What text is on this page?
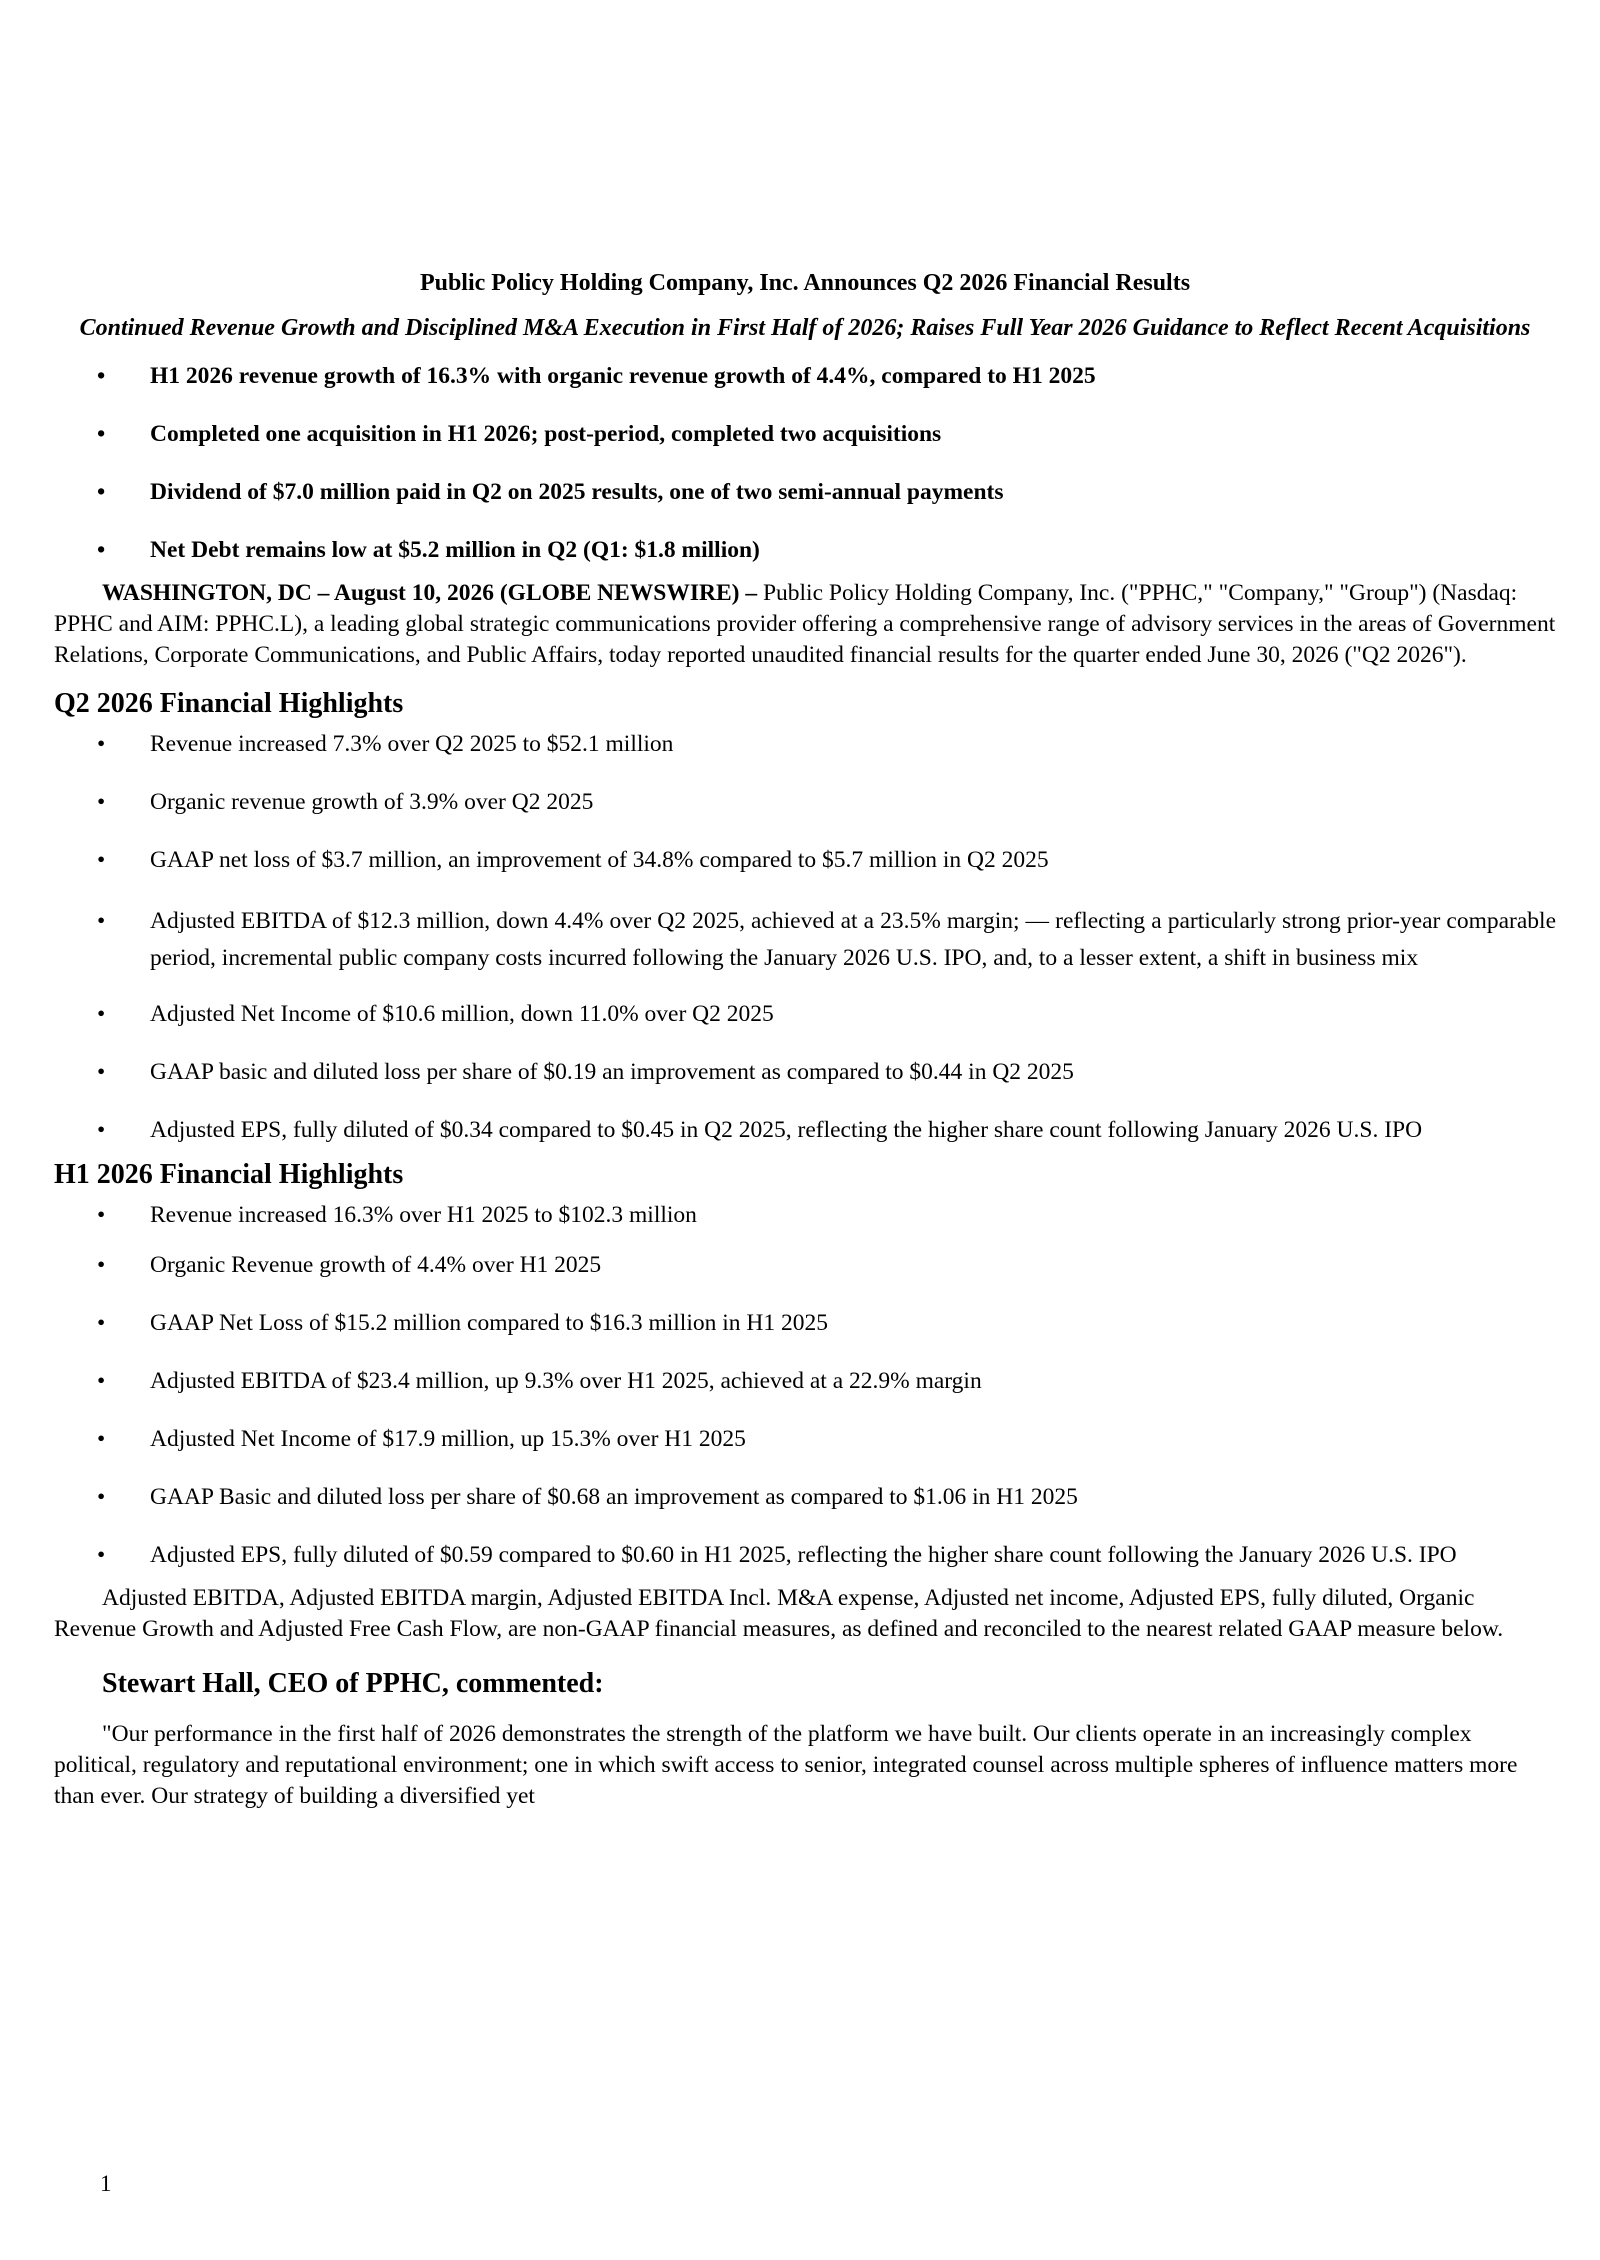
Public Policy Holding Company, Inc. Announces Q2 2026 Financial Results
Continued Revenue Growth and Disciplined M&A Execution in First Half of 2026; Raises Full Year 2026 Guidance to Reflect Recent Acquisitions
• H1 2026 revenue growth of 16.3% with organic revenue growth of 4.4%, compared to H1 2025
• Completed one acquisition in H1 2026; post-period, completed two acquisitions
• Dividend of $7.0 million paid in Q2 on 2025 results, one of two semi-annual payments
• Net Debt remains low at $5.2 million in Q2 (Q1: $1.8 million)

WASHINGTON, DC – August 10, 2026 (GLOBE NEWSWIRE) – Public Policy Holding Company, Inc. ("PPHC," "Company," "Group") (Nasdaq: PPHC and AIM: PPHC.L), a leading global strategic communications provider offering a comprehensive range of advisory services in the areas of Government Relations, Corporate Communications, and Public Affairs, today reported unaudited financial results for the quarter ended June 30, 2026 ("Q2 2026").

Q2 2026 Financial Highlights
• Revenue increased 7.3% over Q2 2025 to $52.1 million
• Organic revenue growth of 3.9% over Q2 2025
• GAAP net loss of $3.7 million, an improvement of 34.8% compared to $5.7 million in Q2 2025
• Adjusted EBITDA of $12.3 million, down 4.4% over Q2 2025, achieved at a 23.5% margin; — reflecting a particularly strong prior-year comparable period, incremental public company costs incurred following the January 2026 U.S. IPO, and, to a lesser extent, a shift in business mix
• Adjusted Net Income of $10.6 million, down 11.0% over Q2 2025
• GAAP basic and diluted loss per share of $0.19 an improvement as compared to $0.44 in Q2 2025
• Adjusted EPS, fully diluted of $0.34 compared to $0.45 in Q2 2025, reflecting the higher share count following January 2026 U.S. IPO
H1 2026 Financial Highlights
• Revenue increased 16.3% over H1 2025 to $102.3 million
• Organic Revenue growth of 4.4% over H1 2025
• GAAP Net Loss of $15.2 million compared to $16.3 million in H1 2025
• Adjusted EBITDA of $23.4 million, up 9.3% over H1 2025, achieved at a 22.9% margin
• Adjusted Net Income of $17.9 million, up 15.3% over H1 2025
• GAAP Basic and diluted loss per share of $0.68 an improvement as compared to $1.06 in H1 2025
• Adjusted EPS, fully diluted of $0.59 compared to $0.60 in H1 2025, reflecting the higher share count following the January 2026 U.S. IPO

Adjusted EBITDA, Adjusted EBITDA margin, Adjusted EBITDA Incl. M&A expense, Adjusted net income, Adjusted EPS, fully diluted, Organic Revenue Growth and Adjusted Free Cash Flow, are non-GAAP financial measures, as defined and reconciled to the nearest related GAAP measure below.

Stewart Hall, CEO of PPHC, commented:

"Our performance in the first half of 2026 demonstrates the strength of the platform we have built. Our clients operate in an increasingly complex political, regulatory and reputational environment; one in which swift access to senior, integrated counsel across multiple spheres of influence matters more than ever. Our strategy of building a diversified yet

1
